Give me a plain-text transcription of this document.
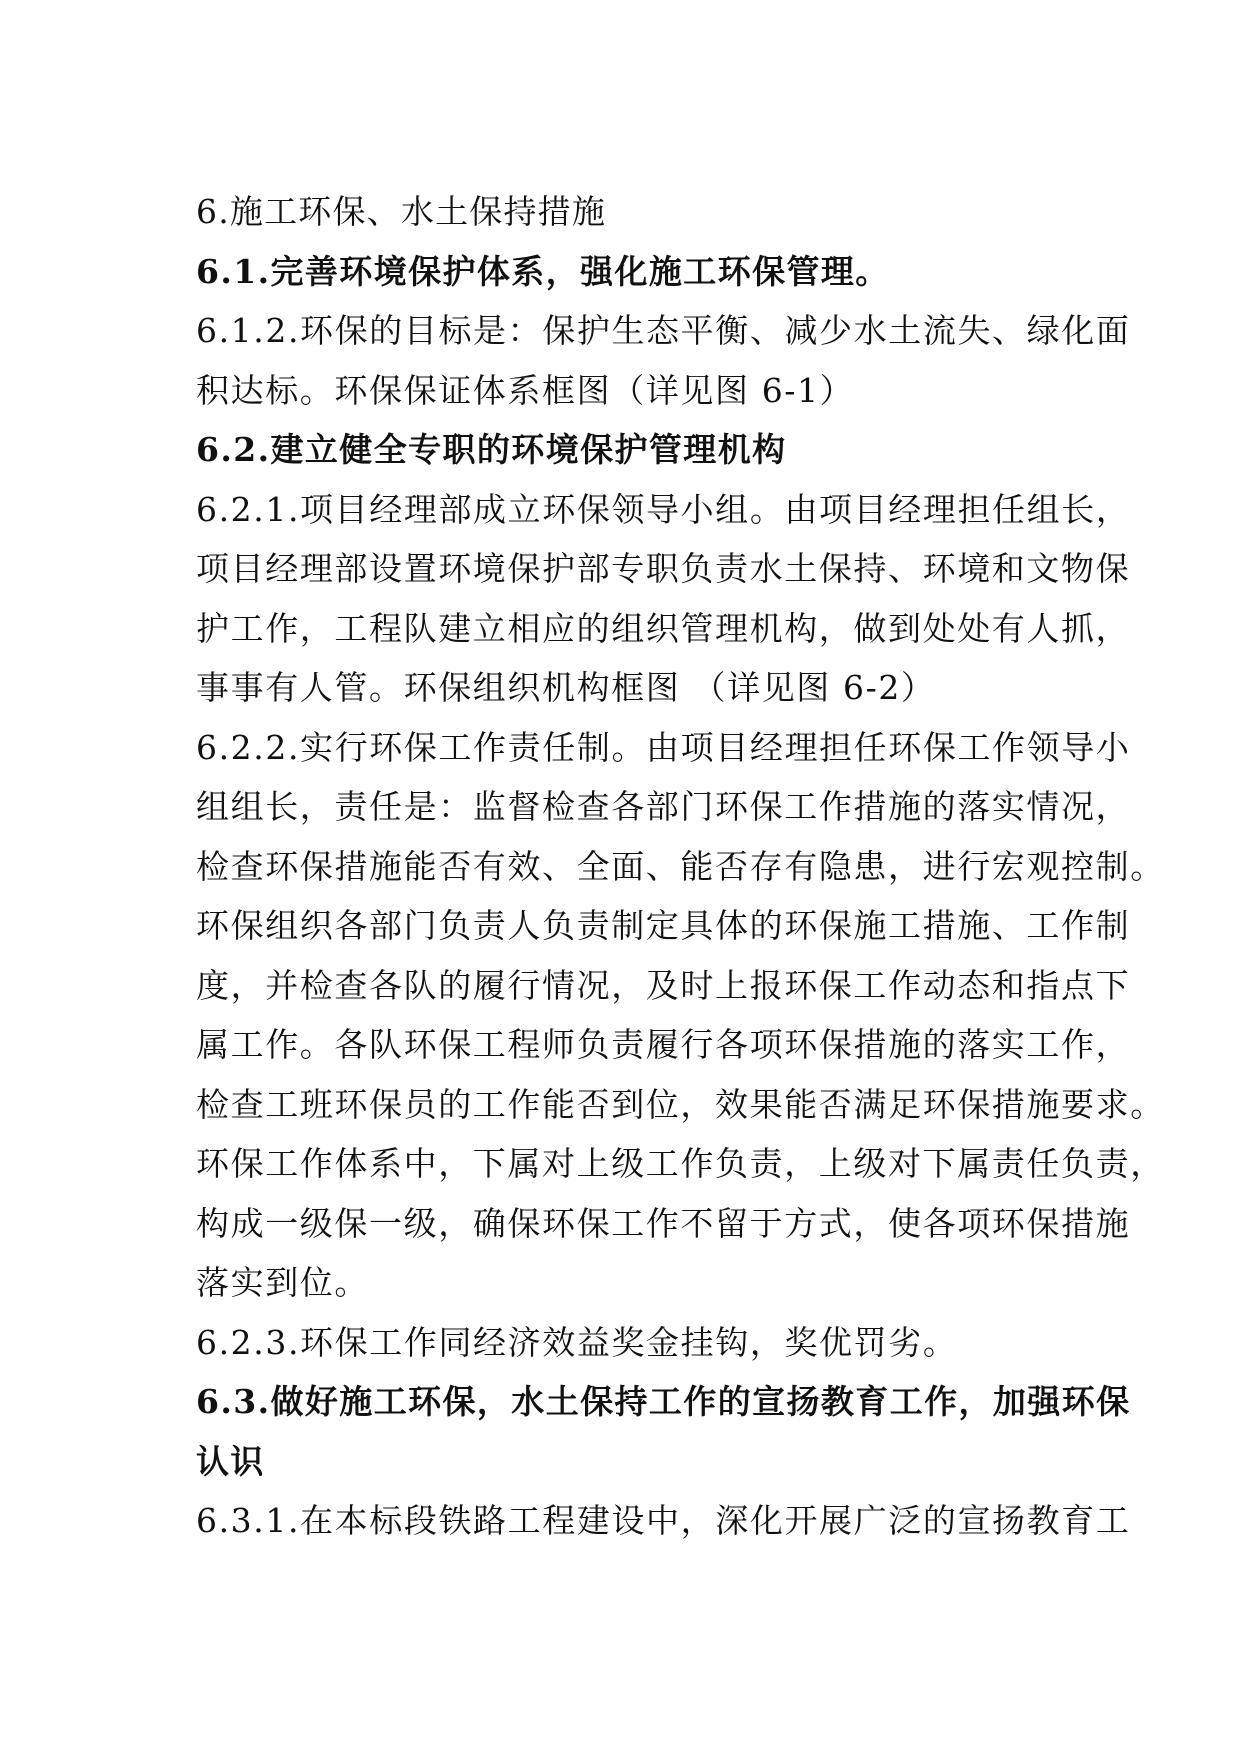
6.施工环保、水土保持措施

6.1.完善环境保护体系，强化施工环保管理。

6.1.2.环保的目标是：保护生态平衡、减少水土流失、绿化面

积达标。环保保证体系框图（详见图 6-1）

6.2.建立健全专职的环境保护管理机构

6.2.1.项目经理部成立环保领导小组。由项目经理担任组长，

项目经理部设置环境保护部专职负责水土保持、环境和文物保

护工作，工程队建立相应的组织管理机构，做到处处有人抓，

事事有人管。环保组织机构框图 （详见图 6-2）

6.2.2.实行环保工作责任制。由项目经理担任环保工作领导小

组组长，责任是：监督检查各部门环保工作措施的落实情况，

检查环保措施能否有效、全面、能否存有隐患，进行宏观控制。

环保组织各部门负责人负责制定具体的环保施工措施、工作制

度，并检查各队的履行情况，及时上报环保工作动态和指点下

属工作。各队环保工程师负责履行各项环保措施的落实工作，

检查工班环保员的工作能否到位，效果能否满足环保措施要求。

环保工作体系中，下属对上级工作负责，上级对下属责任负责，

构成一级保一级，确保环保工作不留于方式，使各项环保措施

落实到位。

6.2.3.环保工作同经济效益奖金挂钩，奖优罚劣。

6.3.做好施工环保，水土保持工作的宣扬教育工作，加强环保

认识

6.3.1.在本标段铁路工程建设中，深化开展广泛的宣扬教育工
